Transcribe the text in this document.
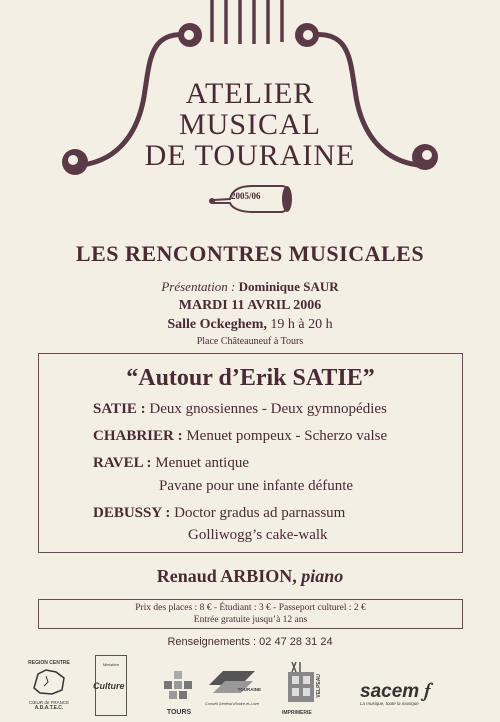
ATELIER
MUSICAL
DE TOURAINE
2005/06
LES RENCONTRES MUSICALES
Présentation : Dominique SAUR
MARDI 11 AVRIL 2006
Salle Ockeghem, 19 h à 20 h
Place Châteauneuf à Tours
“Autour d’Erik SATIE”
SATIE : Deux gnossiennes - Deux gymnopédies
CHABRIER : Menuet pompeux - Scherzo valse
RAVEL : Menuet antique
Pavane pour une infante défunte
DEBUSSY : Doctor gradus ad parnassum
Golliwogg’s cake-walk
Renaud ARBION, piano
Prix des places : 8 € - Étudiant : 3 € - Passeport culturel : 2 €
Entrée gratuite jusqu’à 12 ans
Renseignements : 02 47 28 31 24
REGION CENTRE
CŒUR de FRANCE
A.D.A.T.E.C.
Ministère
Culture
TOURS
TOURAINE
Conseil Général d'Indre-et-Loire
IMPRIMERIE
VELPEAU sacem 𝆑
La musique, toute la musique
